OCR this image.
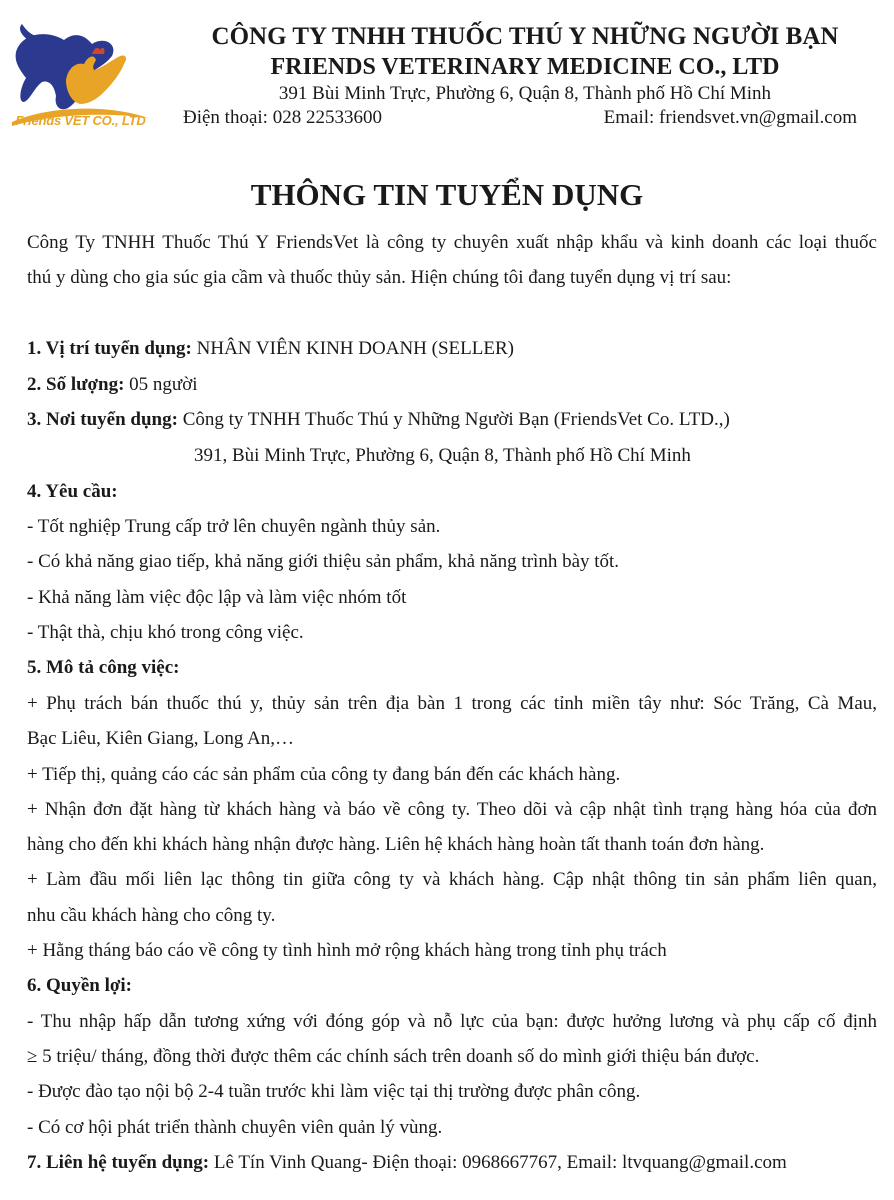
Friends VET CO., LTD
CÔNG TY TNHH THUỐC THÚ Y NHỮNG NGƯỜI BẠN
FRIENDS VETERINARY MEDICINE CO., LTD
391 Bùi Minh Trực, Phường 6, Quận 8, Thành phố Hồ Chí Minh
Điện thoại: 028 22533600	Email: friendsvet.vn@gmail.com
THÔNG TIN TUYỂN DỤNG
Công Ty TNHH Thuốc Thú Y FriendsVet là công ty chuyên xuất nhập khẩu và kinh doanh các loại thuốc
thú y dùng cho gia súc gia cầm và thuốc thủy sản. Hiện chúng tôi đang tuyển dụng vị trí sau:
1. Vị trí tuyển dụng: NHÂN VIÊN KINH DOANH (SELLER)
2. Số lượng: 05 người
3. Nơi tuyển dụng: Công ty TNHH Thuốc Thú y Những Người Bạn (FriendsVet Co. LTD.,)
391, Bùi Minh Trực, Phường 6, Quận 8, Thành phố Hồ Chí Minh
4. Yêu cầu:
- Tốt nghiệp Trung cấp trở lên chuyên ngành thủy sản.
- Có khả năng giao tiếp, khả năng giới thiệu sản phẩm, khả năng trình bày tốt.
- Khả năng làm việc độc lập và làm việc nhóm tốt
- Thật thà, chịu khó trong công việc.
5. Mô tả công việc:
+ Phụ trách bán thuốc thú y, thủy sản trên địa bàn 1 trong các tỉnh miền tây như: Sóc Trăng, Cà Mau,
Bạc Liêu, Kiên Giang, Long An,…
+ Tiếp thị, quảng cáo các sản phẩm của công ty đang bán đến các khách hàng.
+ Nhận đơn đặt hàng từ khách hàng và báo về công ty. Theo dõi và cập nhật tình trạng hàng hóa của đơn
hàng cho đến khi khách hàng nhận được hàng. Liên hệ khách hàng hoàn tất thanh toán đơn hàng.
+ Làm đầu mối liên lạc thông tin giữa công ty và khách hàng. Cập nhật thông tin sản phẩm liên quan,
nhu cầu khách hàng cho công ty.
+ Hằng tháng báo cáo về công ty tình hình mở rộng khách hàng trong tỉnh phụ trách
6. Quyền lợi:
- Thu nhập hấp dẫn tương xứng với đóng góp và nỗ lực của bạn: được hưởng lương và phụ cấp cố định
≥ 5 triệu/ tháng, đồng thời được thêm các chính sách trên doanh số do mình giới thiệu bán được.
- Được đào tạo nội bộ 2-4 tuần trước khi làm việc tại thị trường được phân công.
- Có cơ hội phát triển thành chuyên viên quản lý vùng.
7. Liên hệ tuyển dụng: Lê Tín Vinh Quang- Điện thoại: 0968667767, Email: ltvquang@gmail.com
